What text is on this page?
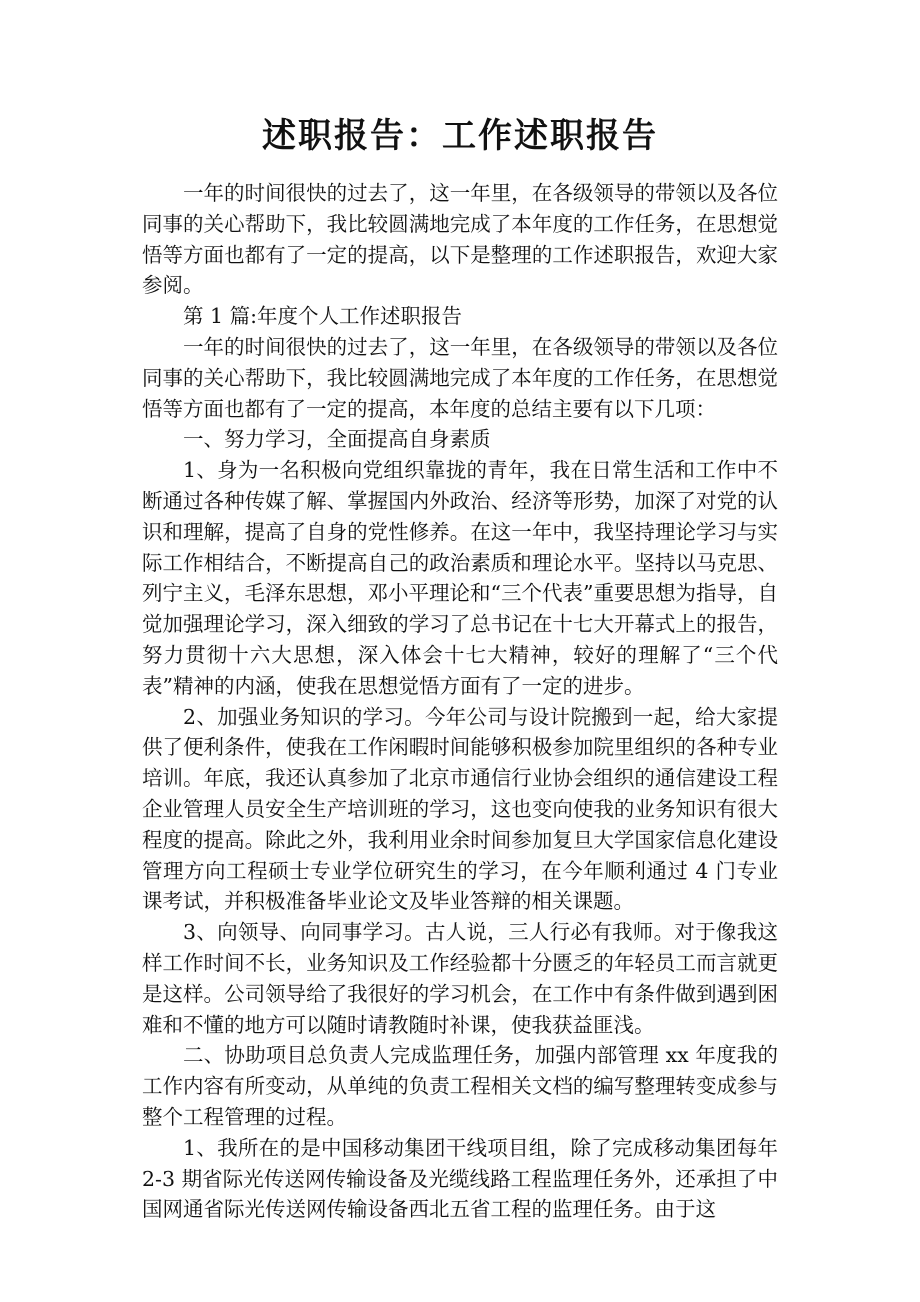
述职报告：工作述职报告

一年的时间很快的过去了，这一年里，在各级领导的带领以及各位同事的关心帮助下，我比较圆满地完成了本年度的工作任务，在思想觉悟等方面也都有了一定的提高，以下是整理的工作述职报告，欢迎大家参阅。

第 1 篇:年度个人工作述职报告

一年的时间很快的过去了，这一年里，在各级领导的带领以及各位同事的关心帮助下，我比较圆满地完成了本年度的工作任务，在思想觉悟等方面也都有了一定的提高，本年度的总结主要有以下几项：

一、努力学习，全面提高自身素质

1、身为一名积极向党组织靠拢的青年，我在日常生活和工作中不断通过各种传媒了解、掌握国内外政治、经济等形势，加深了对党的认识和理解，提高了自身的党性修养。在这一年中，我坚持理论学习与实际工作相结合，不断提高自己的政治素质和理论水平。坚持以马克思、列宁主义，毛泽东思想，邓小平理论和“三个代表”重要思想为指导，自觉加强理论学习，深入细致的学习了总书记在十七大开幕式上的报告，努力贯彻十六大思想，深入体会十七大精神，较好的理解了“三个代表”精神的内涵，使我在思想觉悟方面有了一定的进步。

2、加强业务知识的学习。今年公司与设计院搬到一起，给大家提供了便利条件，使我在工作闲暇时间能够积极参加院里组织的各种专业培训。年底，我还认真参加了北京市通信行业协会组织的通信建设工程企业管理人员安全生产培训班的学习，这也变向使我的业务知识有很大程度的提高。除此之外，我利用业余时间参加复旦大学国家信息化建设管理方向工程硕士专业学位研究生的学习，在今年顺利通过 4 门专业课考试，并积极准备毕业论文及毕业答辩的相关课题。

3、向领导、向同事学习。古人说，三人行必有我师。对于像我这样工作时间不长，业务知识及工作经验都十分匮乏的年轻员工而言就更是这样。公司领导给了我很好的学习机会，在工作中有条件做到遇到困难和不懂的地方可以随时请教随时补课，使我获益匪浅。

二、协助项目总负责人完成监理任务，加强内部管理 xx 年度我的工作内容有所变动，从单纯的负责工程相关文档的编写整理转变成参与整个工程管理的过程。

1、我所在的是中国移动集团干线项目组，除了完成移动集团每年 2-3 期省际光传送网传输设备及光缆线路工程监理任务外，还承担了中国网通省际光传送网传输设备西北五省工程的监理任务。由于这
